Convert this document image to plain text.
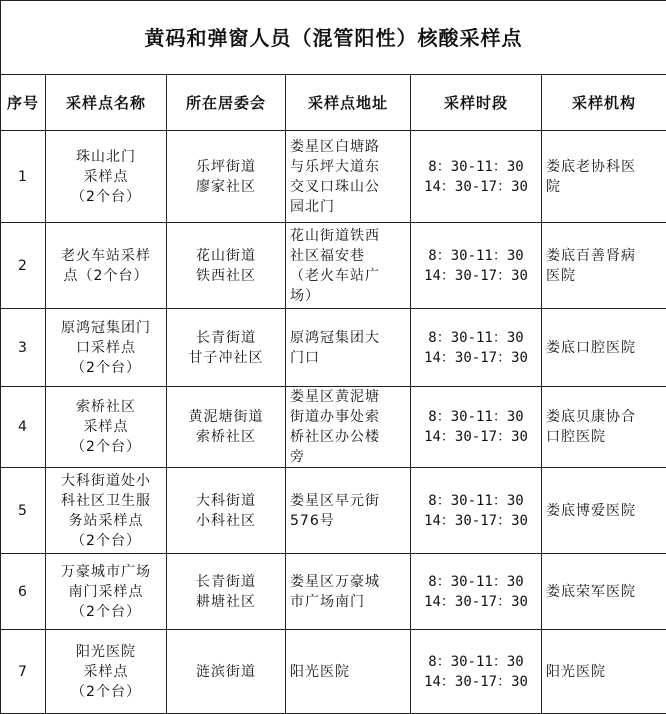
黄码和弹窗人员（混管阳性）核酸采样点					
序号	采样点名称	所在居委会	采样点地址	采样时段	采样机构
1	珠山北门
采样点
（2个台）	乐坪街道
廖家社区	娄星区白塘路
与乐坪大道东
交叉口珠山公
园北门	8：30-11：30
14：30-17：30	娄底老协科医
院

2	老火车站采样
点（2个台）	花山街道
铁西社区	花山街道铁西
社区福安巷
（老火车站广
场）	8：30-11：30
14：30-17：30	娄底百善肾病
医院

3	原鸿冠集团门
口采样点
（2个台）	长青街道
甘子冲社区	原鸿冠集团大
门口	8：30-11：30
14：30-17：30	娄底口腔医院

4	索桥社区
采样点
（2个台）	黄泥塘街道
索桥社区	娄星区黄泥塘
街道办事处索
桥社区办公楼
旁	8：30-11：30
14：30-17：30	娄底贝康协合
口腔医院

5	大科街道处小
科社区卫生服
务站采样点
（2个台）	大科街道
小科社区	娄星区早元街
576号	8：30-11：30
14：30-17：30	娄底博爱医院

6	万豪城市广场
南门采样点
（2个台）	长青街道
耕塘社区	娄星区万豪城
市广场南门	8：30-11：30
14：30-17：30	娄底荣军医院

7	阳光医院
采样点
（2个台）	涟滨街道	阳光医院	8：30-11：30
14：30-17：30	阳光医院
